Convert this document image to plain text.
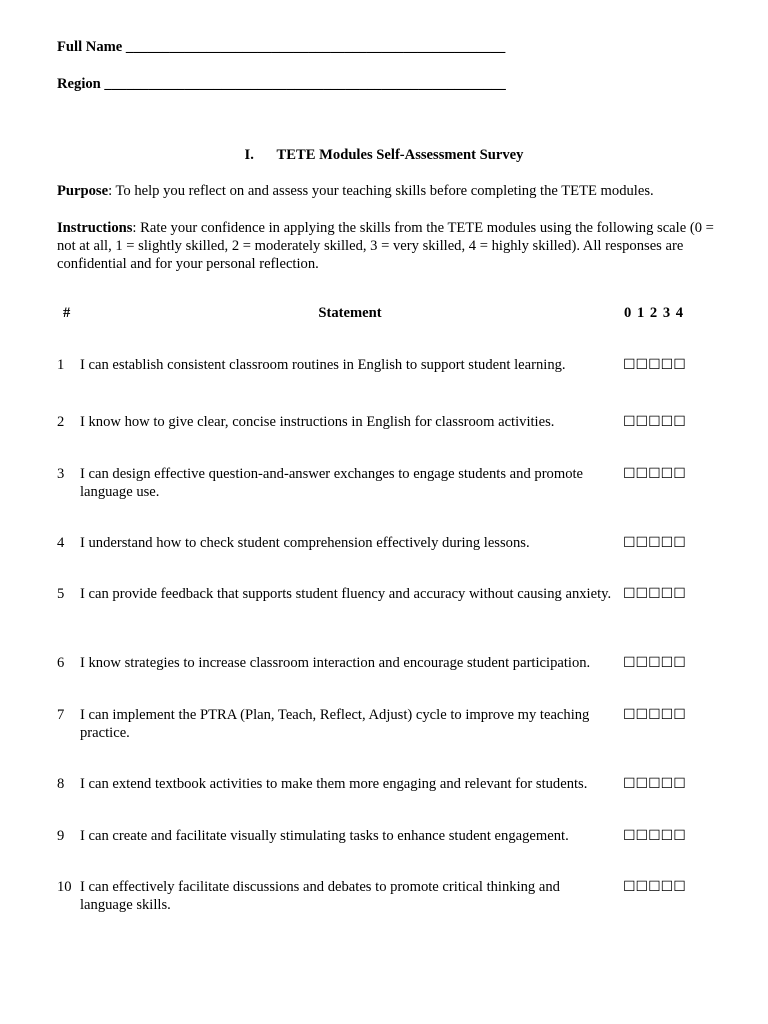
Full Name ____________________________________________________
Region _______________________________________________________
I. TETE Modules Self-Assessment Survey
Purpose: To help you reflect on and assess your teaching skills before completing the TETE modules.
Instructions: Rate your confidence in applying the skills from the TETE modules using the following scale (0 = not at all, 1 = slightly skilled, 2 = moderately skilled, 3 = very skilled, 4 = highly skilled). All responses are confidential and for your personal reflection.
#	Statement	0 1 2 3 4
1	I can establish consistent classroom routines in English to support student learning.	☐☐☐☐☐
2	I know how to give clear, concise instructions in English for classroom activities.	☐☐☐☐☐
3	I can design effective question-and-answer exchanges to engage students and promote language use.
☐☐☐☐☐
4	I understand how to check student comprehension effectively during lessons.	☐☐☐☐☐
5	I can provide feedback that supports student fluency and accuracy without causing anxiety. ☐☐☐☐☐
6	I know strategies to increase classroom interaction and encourage student participation.	☐☐☐☐☐
7	I can implement the PTRA (Plan, Teach, Reflect, Adjust) cycle to improve my teaching practice.
☐☐☐☐☐
8	I can extend textbook activities to make them more engaging and relevant for students.	☐☐☐☐☐
9	I can create and facilitate visually stimulating tasks to enhance student engagement.	☐☐☐☐☐
10 I can effectively facilitate discussions and debates to promote critical thinking and language skills.
☐☐☐☐☐
